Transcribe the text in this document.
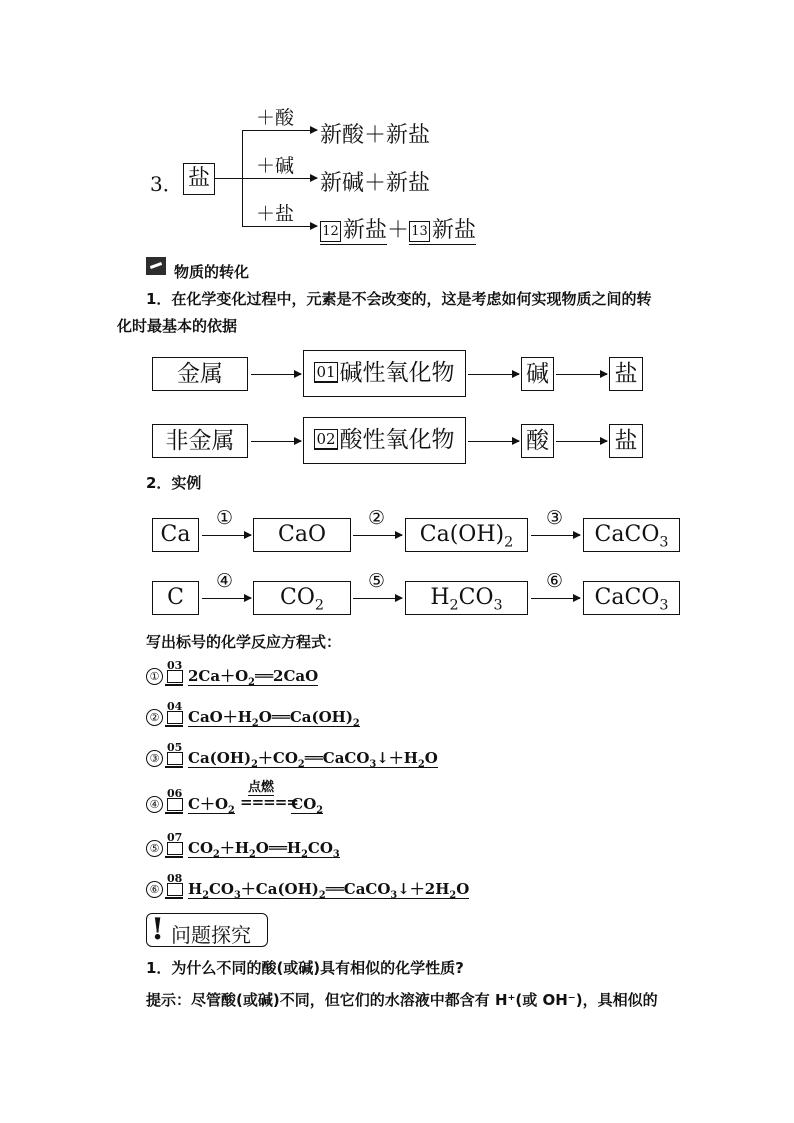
3． 盐
＋酸
＋碱
＋盐
新酸＋新盐
新碱＋新盐
12 新盐＋ 13 新盐
物质的转化
1．在化学变化过程中，元素是不会改变的，这是考虑如何实现物质之间的转
化时最基本的依据
金属	01 碱性氧化物	碱	盐
非金属	02 酸性氧化物	酸	盐
2．实例
Ca
①
CaO
②
$Ca(OH)_2$
③
CaCO$_3$
C
④
$CO_2$
⑤
$H_2CO_3$
⑥
CaCO$_3$
写出标号的化学反应方程式：
①
03
$2Ca+O_2══2CaO$
②
04
$CaO+H_2O══Ca(OH)_2$
③
05
$Ca(OH)_2+CO_2══CaCO_3↓+H_2O$
④
06
$C+O_2$
点燃
===== $CO_2$
⑤
07
$CO_2+H_2O══H_2CO_3$
⑥
08
$H_2CO_3+Ca(OH)_2══CaCO_3↓+2H_2O$
! 问题探究
1．为什么不同的酸(或碱)具有相似的化学性质?
提示：尽管酸(或碱)不同，但它们的水溶液中都含有 H⁺(或 OH⁻)，具相似的
